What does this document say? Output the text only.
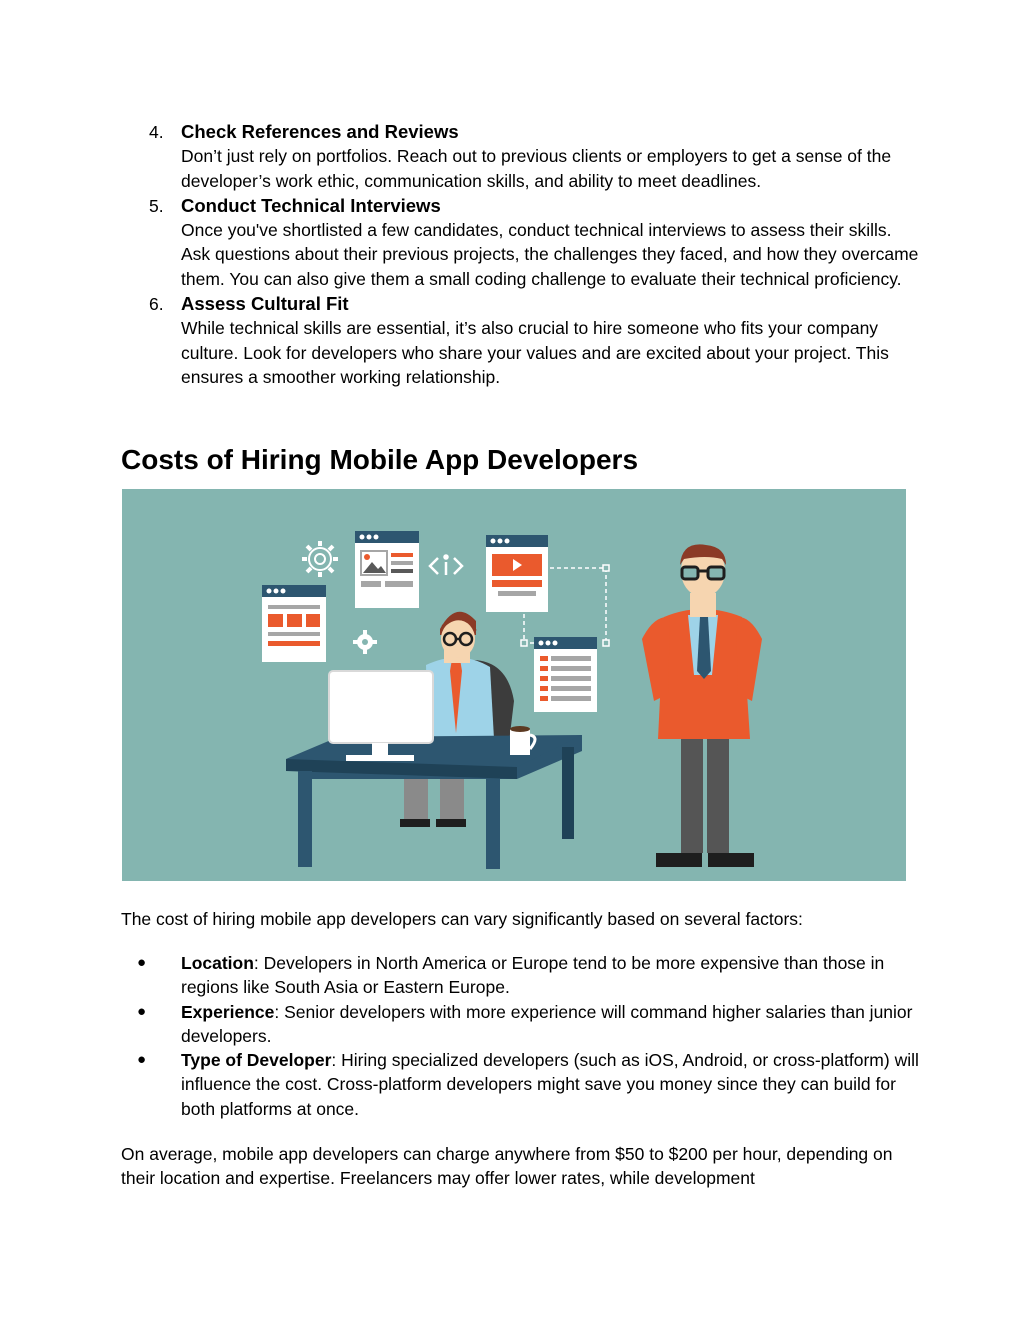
4. Check References and Reviews
Don’t just rely on portfolios. Reach out to previous clients or employers to get a sense of the developer’s work ethic, communication skills, and ability to meet deadlines.
5. Conduct Technical Interviews
Once you've shortlisted a few candidates, conduct technical interviews to assess their skills. Ask questions about their previous projects, the challenges they faced, and how they overcame them. You can also give them a small coding challenge to evaluate their technical proficiency.
6. Assess Cultural Fit
While technical skills are essential, it’s also crucial to hire someone who fits your company culture. Look for developers who share your values and are excited about your project. This ensures a smoother working relationship.
Costs of Hiring Mobile App Developers

The cost of hiring mobile app developers can vary significantly based on several factors:

● Location: Developers in North America or Europe tend to be more expensive than those in regions like South Asia or Eastern Europe.
● Experience: Senior developers with more experience will command higher salaries than junior developers.
● Type of Developer: Hiring specialized developers (such as iOS, Android, or cross-platform) will influence the cost. Cross-platform developers might save you money since they can build for both platforms at once.

On average, mobile app developers can charge anywhere from $50 to $200 per hour, depending on their location and expertise. Freelancers may offer lower rates, while development
